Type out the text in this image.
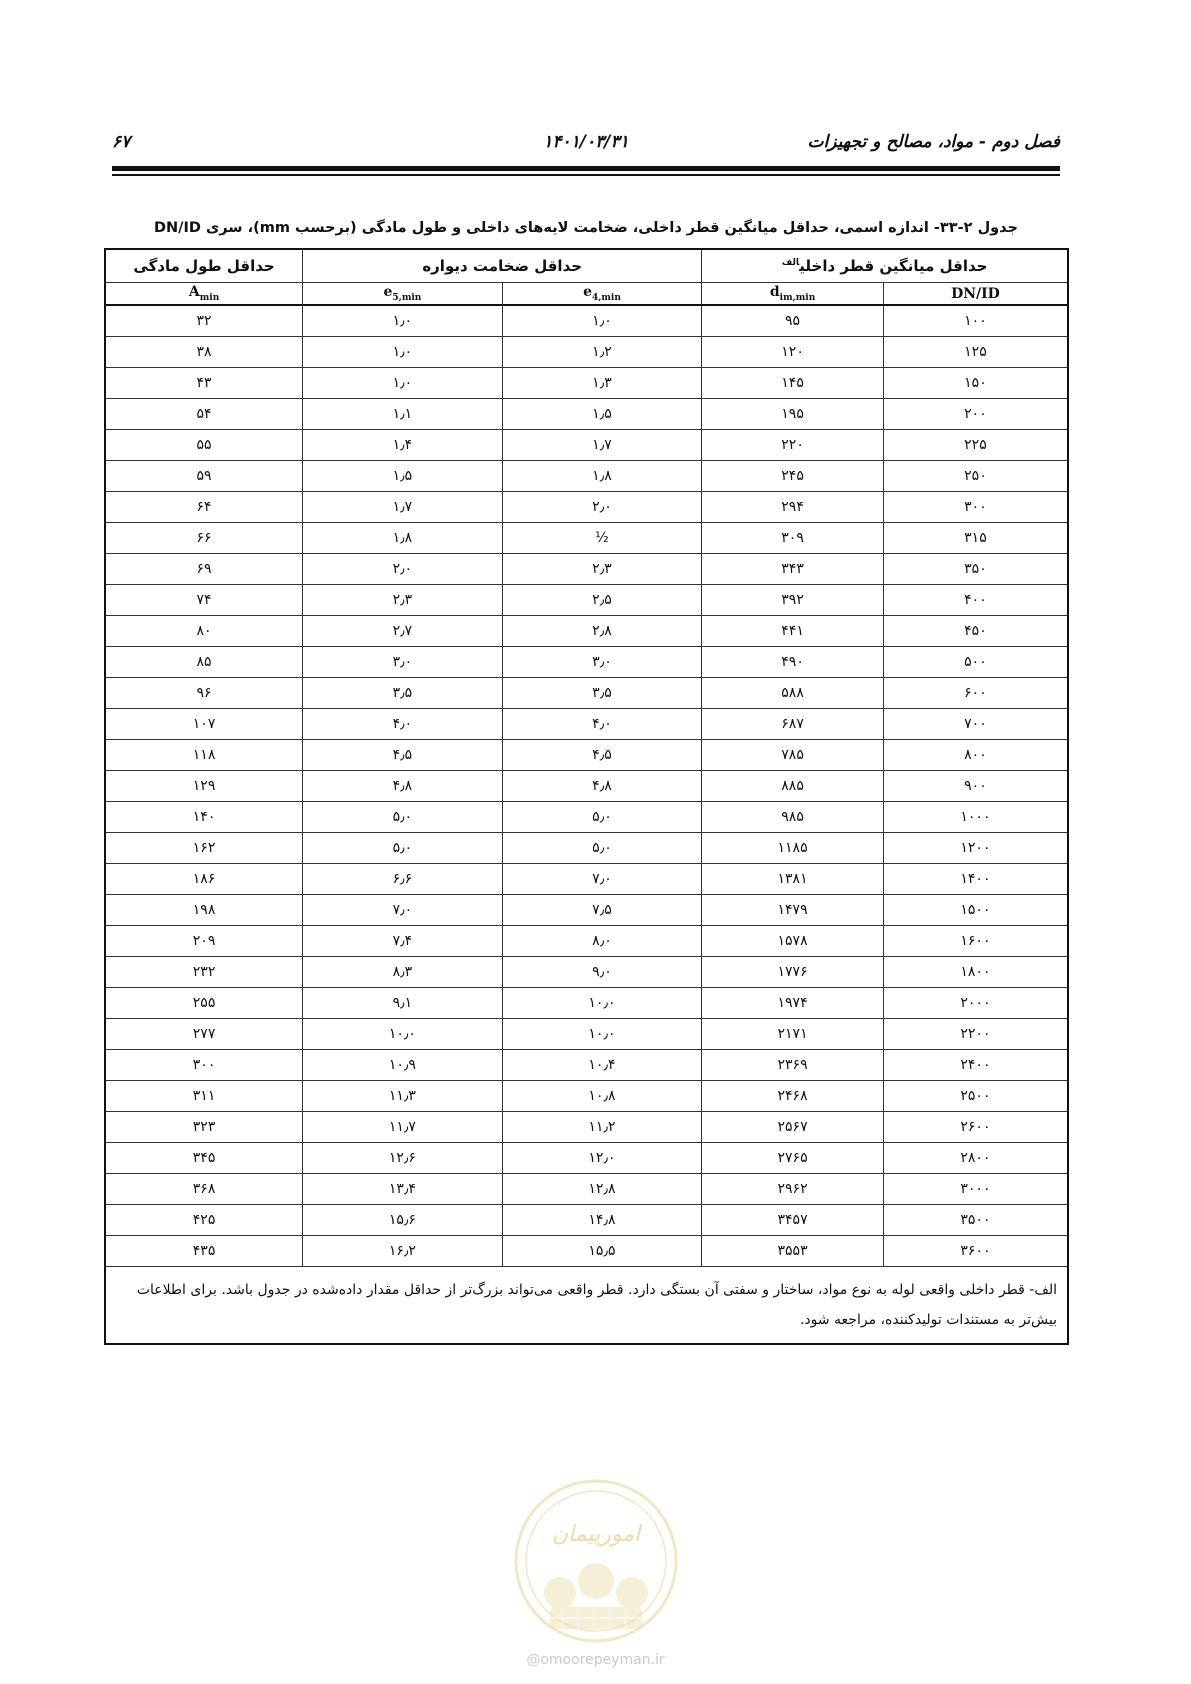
فصل دوم - مواد، مصالح و تجهیزات
۱۴۰۱/۰۳/۳۱
۶۷
جدول ۲-۳۳- اندازه اسمی، حداقل میانگین قطر داخلی، ضخامت لایه‌های داخلی و طول مادگی (برحسب mm)، سری DN/ID
حداقل میانگین قطر داخلی$^{الف}$		حداقل ضخامت دیواره		حداقل طول مادگی
DN/ID	$d_{im,min}$	$e_{4,min}$	$e_{5,min}$	$A_{min}$
۱۰۰	۹۵	۱٫۰	۱٫۰	۳۲
۱۲۵	۱۲۰	۱٫۲	۱٫۰	۳۸
۱۵۰	۱۴۵	۱٫۳	۱٫۰	۴۳
۲۰۰	۱۹۵	۱٫۵	۱٫۱	۵۴
۲۲۵	۲۲۰	۱٫۷	۱٫۴	۵۵
۲۵۰	۲۴۵	۱٫۸	۱٫۵	۵۹
۳۰۰	۲۹۴	۲٫۰	۱٫۷	۶۴
۳۱۵	۳۰۹	½	۱٫۸	۶۶
۳۵۰	۳۴۳	۲٫۳	۲٫۰	۶۹
۴۰۰	۳۹۲	۲٫۵	۲٫۳	۷۴
۴۵۰	۴۴۱	۲٫۸	۲٫۷	۸۰
۵۰۰	۴۹۰	۳٫۰	۳٫۰	۸۵
۶۰۰	۵۸۸	۳٫۵	۳٫۵	۹۶
۷۰۰	۶۸۷	۴٫۰	۴٫۰	۱۰۷
۸۰۰	۷۸۵	۴٫۵	۴٫۵	۱۱۸
۹۰۰	۸۸۵	۴٫۸	۴٫۸	۱۲۹
۱۰۰۰	۹۸۵	۵٫۰	۵٫۰	۱۴۰
۱۲۰۰	۱۱۸۵	۵٫۰	۵٫۰	۱۶۲
۱۴۰۰	۱۳۸۱	۷٫۰	۶٫۶	۱۸۶
۱۵۰۰	۱۴۷۹	۷٫۵	۷٫۰	۱۹۸
۱۶۰۰	۱۵۷۸	۸٫۰	۷٫۴	۲۰۹
۱۸۰۰	۱۷۷۶	۹٫۰	۸٫۳	۲۳۲
۲۰۰۰	۱۹۷۴	۱۰٫۰	۹٫۱	۲۵۵
۲۲۰۰	۲۱۷۱	۱۰٫۰	۱۰٫۰	۲۷۷
۲۴۰۰	۲۳۶۹	۱۰٫۴	۱۰٫۹	۳۰۰
۲۵۰۰	۲۴۶۸	۱۰٫۸	۱۱٫۳	۳۱۱
۲۶۰۰	۲۵۶۷	۱۱٫۲	۱۱٫۷	۳۲۳
۲۸۰۰	۲۷۶۵	۱۲٫۰	۱۲٫۶	۳۴۵
۳۰۰۰	۲۹۶۲	۱۲٫۸	۱۳٫۴	۳۶۸
۳۵۰۰	۳۴۵۷	۱۴٫۸	۱۵٫۶	۴۲۵
۳۶۰۰	۳۵۵۳	۱۵٫۵	۱۶٫۲	۴۳۵
الف- قطر داخلی واقعی لوله به نوع مواد، ساختار و سفتی آن بستگی دارد. قطر واقعی می‌تواند بزرگ‌تر از حداقل مقدار داده‌شده در جدول باشد. برای اطلاعات بیش‌تر به مستندات تولیدکننده، مراجعه شود.				
امورپیمان
@omoorepeyman.ir
